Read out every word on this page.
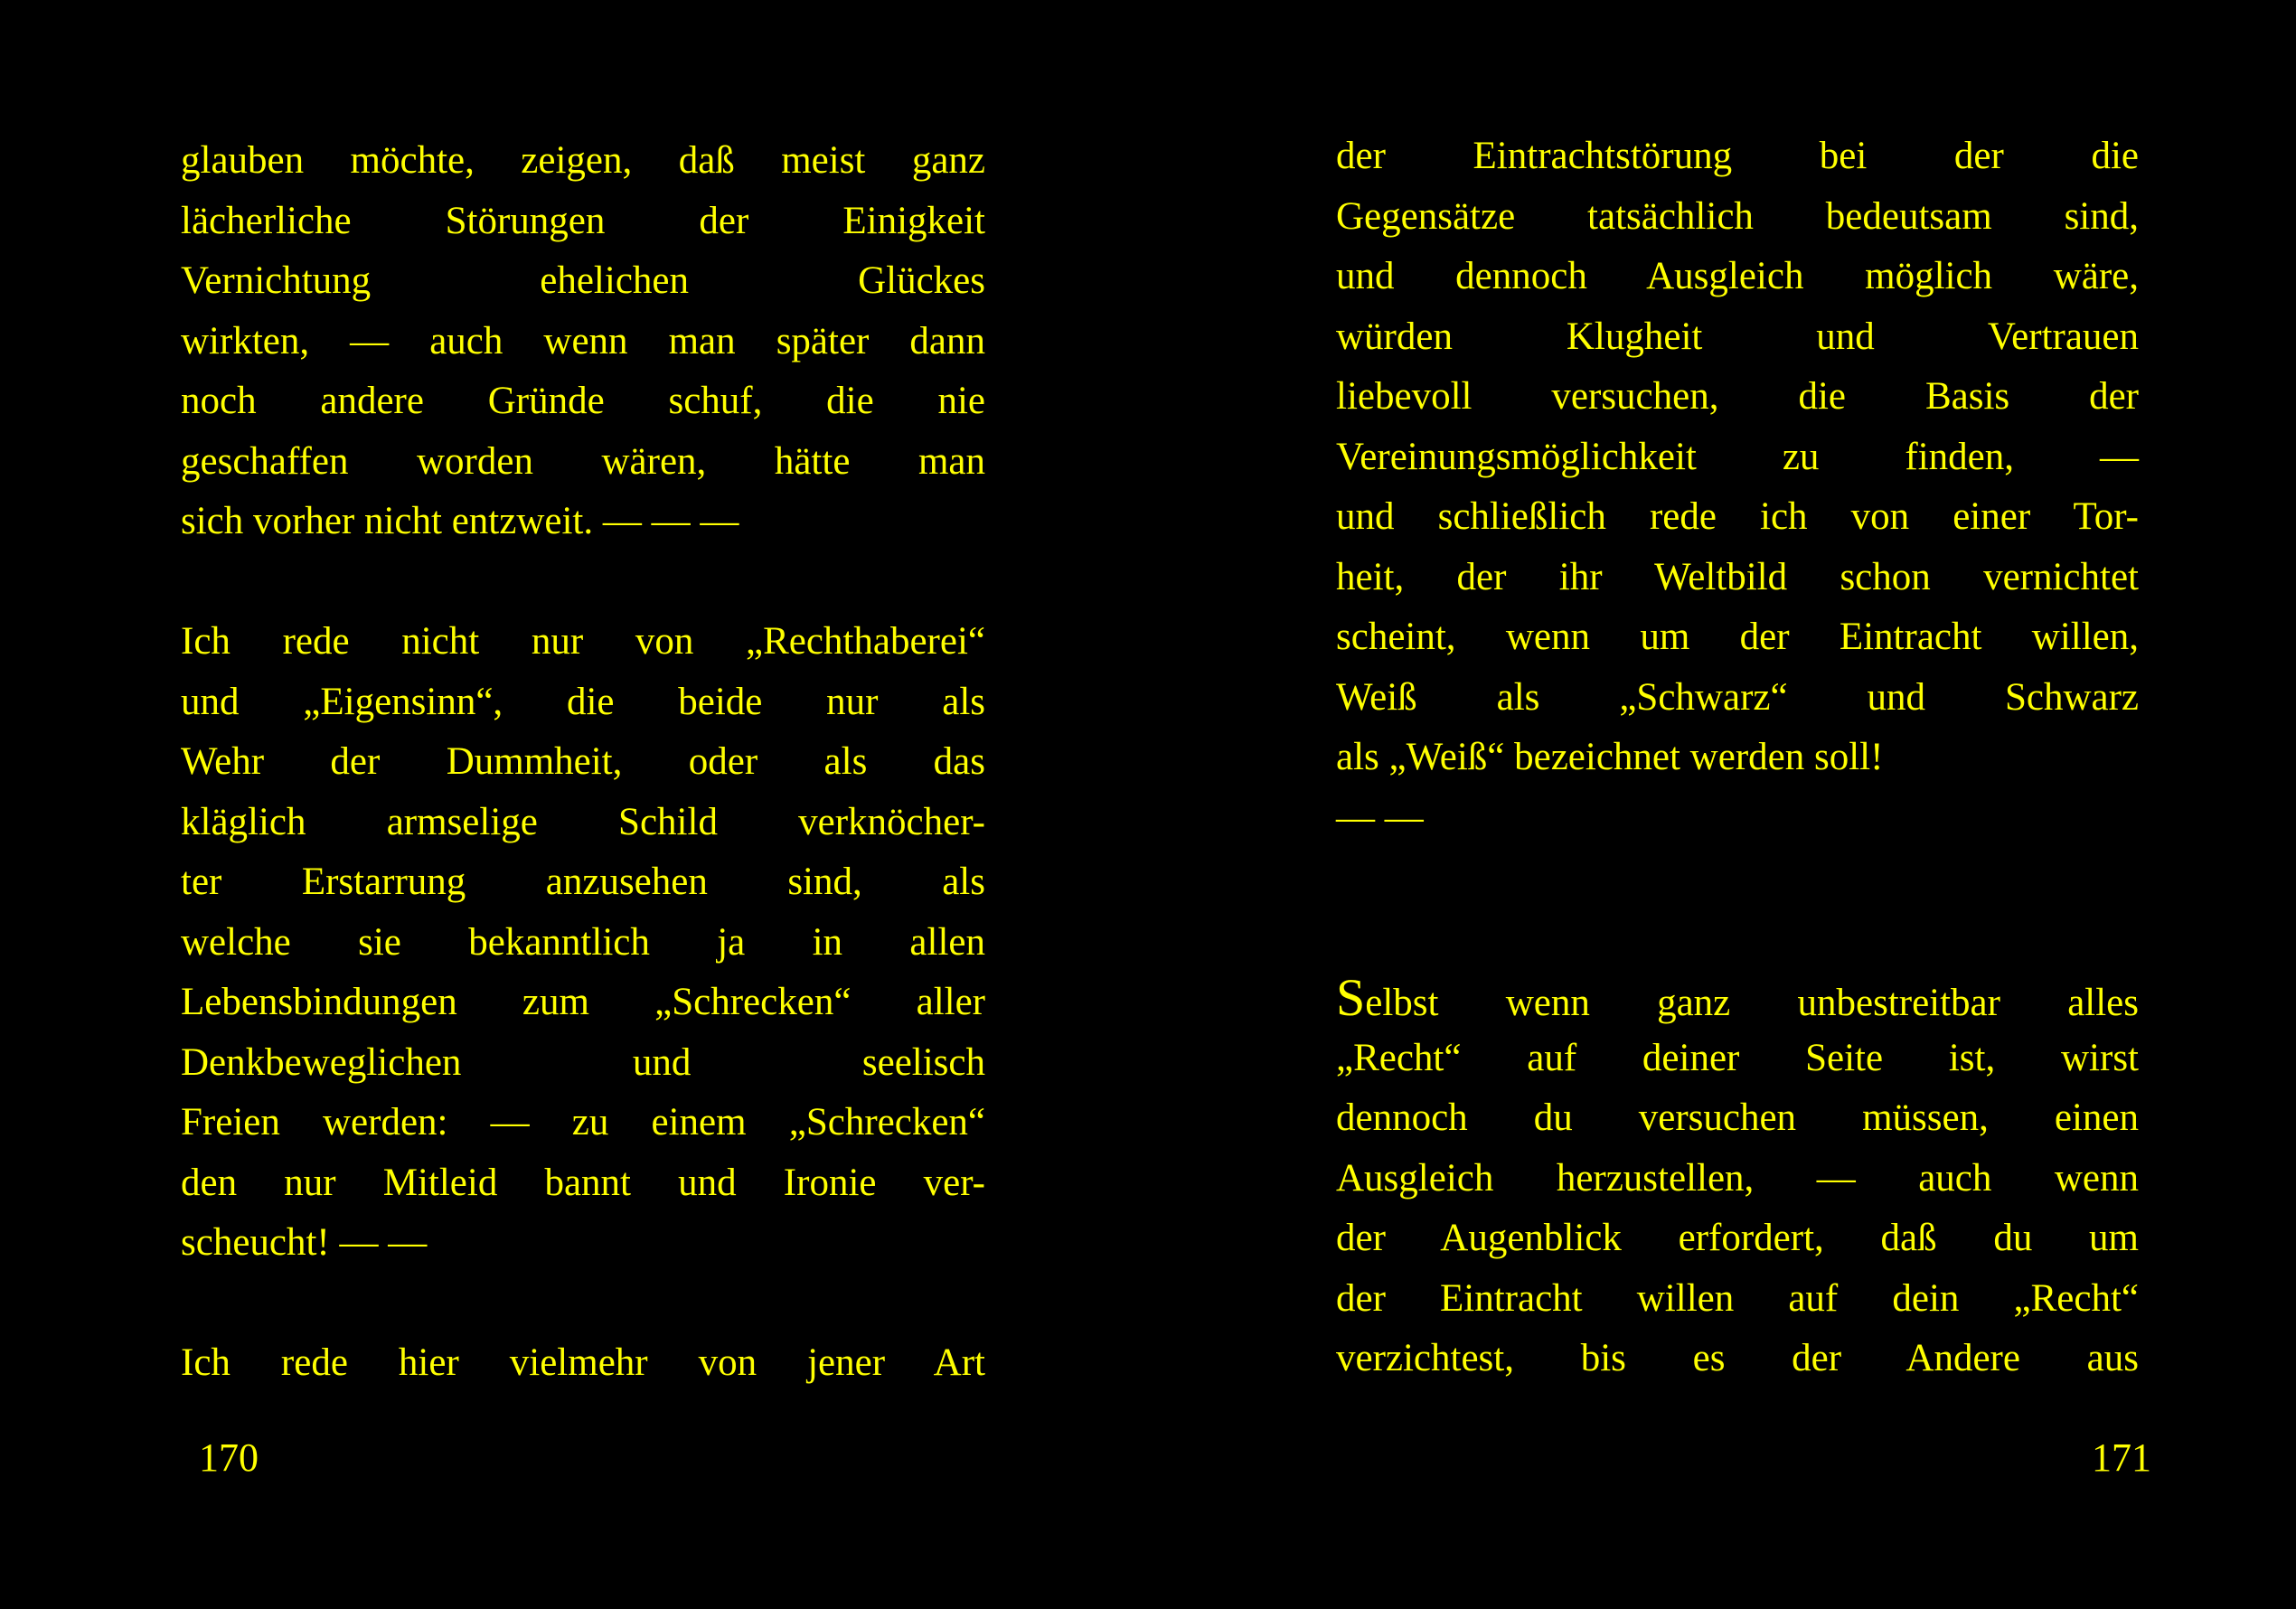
glauben möchte, zeigen, daß meist ganz
lächerliche Störungen der Einigkeit
Vernichtung ehelichen Glückes
wirkten, — auch wenn man später dann
noch andere Gründe schuf, die nie
geschaffen worden wären, hätte man
sich vorher nicht entzweit. — — —
Ich rede nicht nur von „Rechthaberei“
und „Eigensinn“, die beide nur als
Wehr der Dummheit, oder als das
kläglich armselige Schild verknöcher-
ter Erstarrung anzusehen sind, als
welche sie bekanntlich ja in allen
Lebensbindungen zum „Schrecken“ aller
Denkbeweglichen und seelisch
Freien werden: — zu einem „Schrecken“
den nur Mitleid bannt und Ironie ver-
scheucht! — —
Ich rede hier vielmehr von jener Art
170
der Eintrachtstörung bei der die
Gegensätze tatsächlich bedeutsam sind,
und dennoch Ausgleich möglich wäre,
würden Klugheit und Vertrauen
liebevoll versuchen, die Basis der
Vereinungsmöglichkeit zu finden, —
und schließlich rede ich von einer Tor-
heit, der ihr Weltbild schon vernichtet
scheint, wenn um der Eintracht willen,
Weiß als „Schwarz“ und Schwarz
als „Weiß“ bezeichnet werden soll!
— —
Selbst wenn ganz unbestreitbar alles
„Recht“ auf deiner Seite ist, wirst
dennoch du versuchen müssen, einen
Ausgleich herzustellen, — auch wenn
der Augenblick erfordert, daß du um
der Eintracht willen auf dein „Recht“
verzichtest, bis es der Andere aus
171
